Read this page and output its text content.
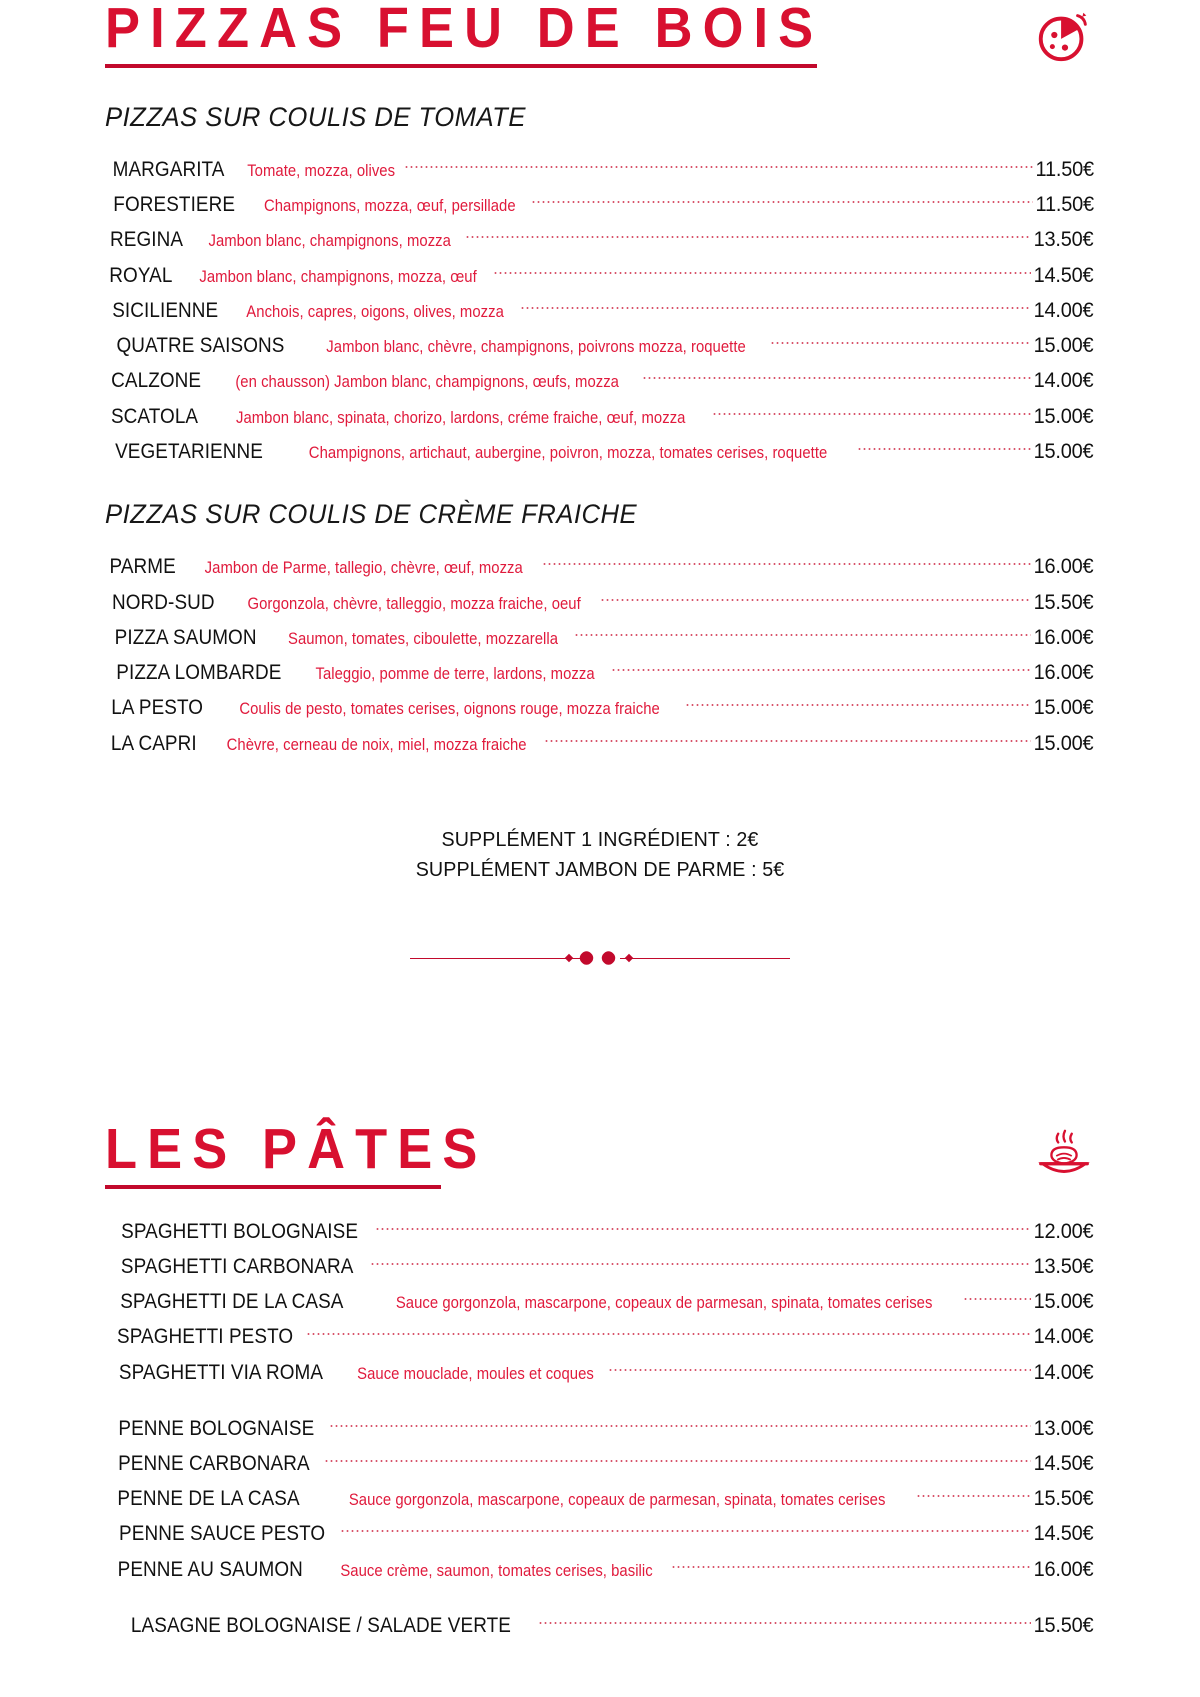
PIZZAS FEU DE BOIS
PIZZAS SUR COULIS DE TOMATE
MARGARITA Tomate, mozza, olives	11.50€
FORESTIERE Champignons, mozza, œuf, persillade	11.50€
REGINA Jambon blanc, champignons, mozza	13.50€
ROYAL Jambon blanc, champignons, mozza, œuf	14.50€
SICILIENNE Anchois, capres, oigons, olives, mozza	14.00€
QUATRE SAISONS	Jambon blanc, chèvre, champignons, poivrons mozza, roquette	15.00€
CALZONE (en chausson) Jambon blanc, champignons, œufs, mozza	14.00€
SCATOLA Jambon blanc, spinata, chorizo, lardons, créme fraiche, œuf, mozza	15.00€
VEGETARIENNE	Champignons, artichaut, aubergine, poivron, mozza, tomates cerises, roquette	15.00€
PIZZAS SUR COULIS DE CRÈME FRAICHE
PARME Jambon de Parme, tallegio, chèvre, œuf, mozza	16.00€
NORD-SUD Gorgonzola, chèvre, talleggio, mozza fraiche, oeuf	15.50€
PIZZA SAUMON Saumon, tomates, ciboulette, mozzarella	16.00€
PIZZA LOMBARDE Taleggio, pomme de terre, lardons, mozza	16.00€
LA PESTO Coulis de pesto, tomates cerises, oignons rouge, mozza fraiche	15.00€
LA CAPRI Chèvre, cerneau de noix, miel, mozza fraiche	15.00€
SUPPLÉMENT 1 INGRÉDIENT : 2€
SUPPLÉMENT JAMBON DE PARME : 5€
LES PÂTES
SPAGHETTI BOLOGNAISE	12.00€
SPAGHETTI CARBONARA	13.50€
SPAGHETTI DE LA CASA	Sauce gorgonzola, mascarpone, copeaux de parmesan, spinata, tomates cerises	15.00€
SPAGHETTI PESTO	14.00€
SPAGHETTI VIA ROMA Sauce mouclade, moules et coques	14.00€
PENNE BOLOGNAISE	13.00€
PENNE CARBONARA	14.50€
PENNE DE LA CASA	Sauce gorgonzola, mascarpone, copeaux de parmesan, spinata, tomates cerises	15.50€
PENNE SAUCE PESTO	14.50€
PENNE AU SAUMON Sauce crème, saumon, tomates cerises, basilic	16.00€
LASAGNE BOLOGNAISE / SALADE VERTE	15.50€
